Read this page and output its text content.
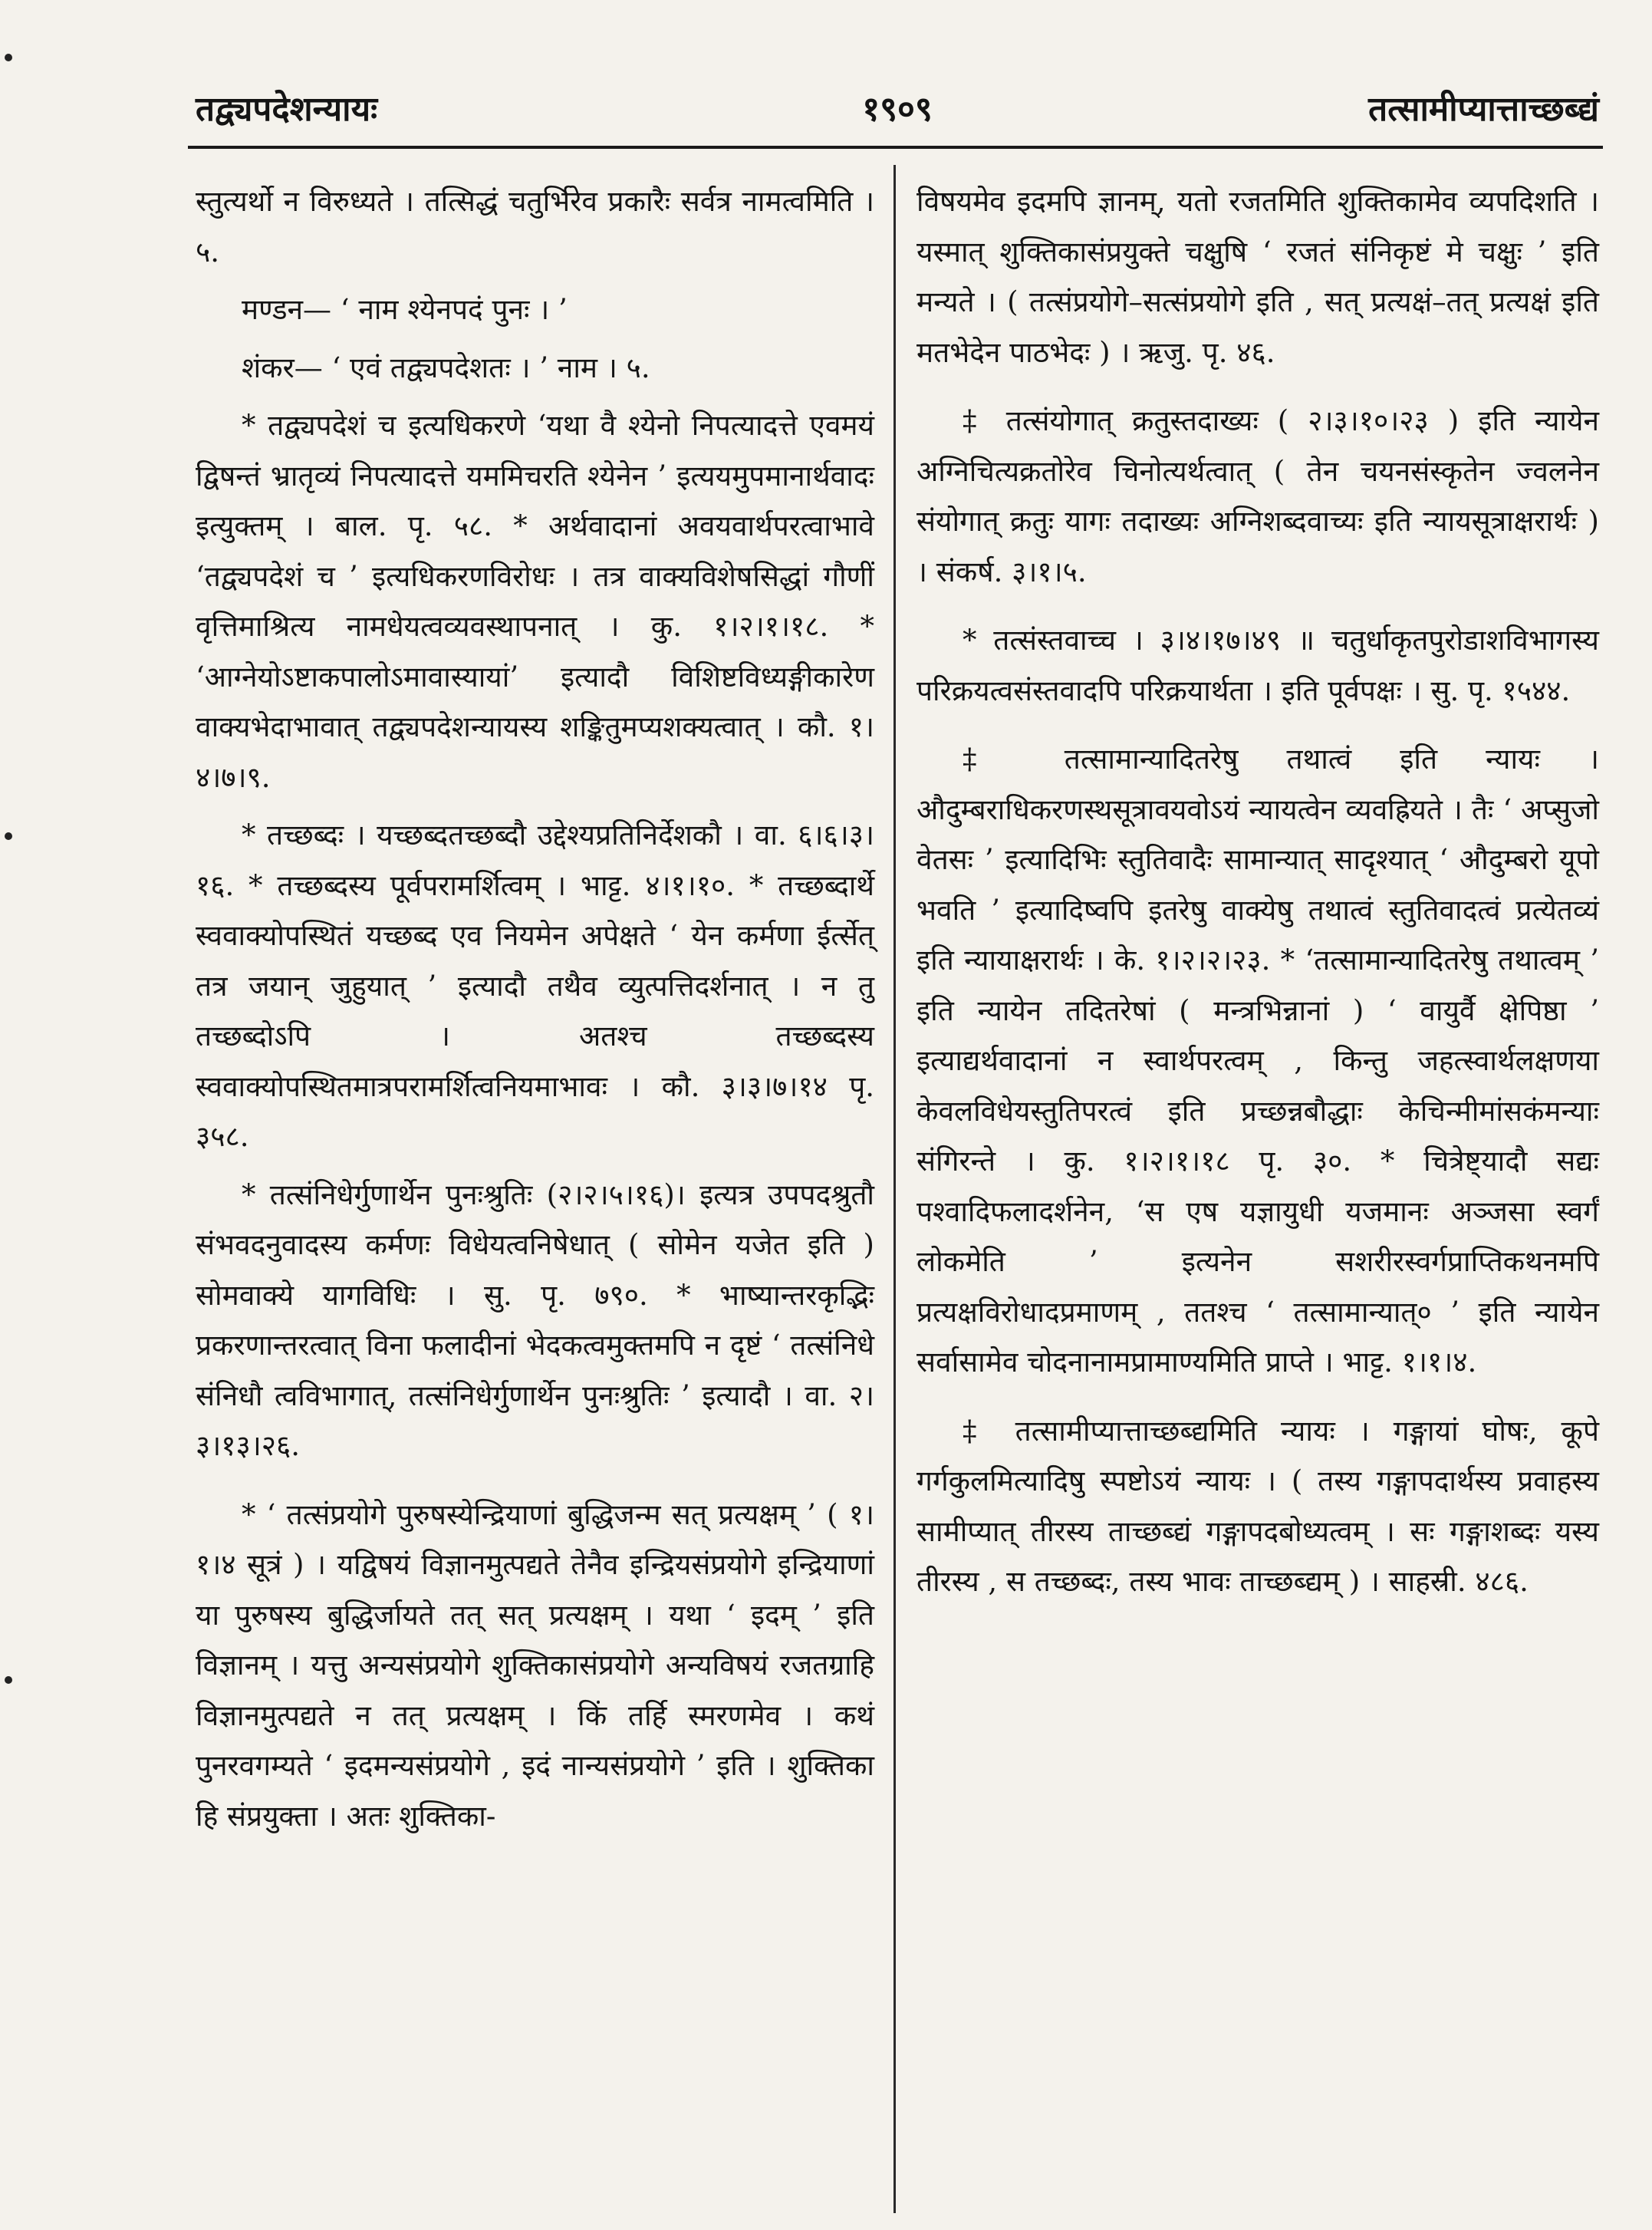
तद्व्यपदेशन्यायः	१९०९	तत्सामीप्यात्ताच्छब्द्यं

स्तुत्यर्थो न विरुध्यते । तत्सिद्धं चतुर्भिरेव प्रकारैः सर्वत्र नामत्वमिति । ५.

मण्डन— ‘ नाम श्येनपदं पुनः । ’

शंकर— ‘ एवं तद्व्यपदेशतः । ’ नाम । ५.

* तद्व्यपदेशं च इत्यधिकरणे ‘यथा वै श्येनो निपत्यादत्ते एवमयं द्विषन्तं भ्रातृव्यं निपत्यादत्ते यममिचरति श्येनेन ’ इत्ययमुपमानार्थवादः इत्युक्तम् । बाल. पृ. ५८. * अर्थवादानां अवयवार्थपरत्वाभावे ‘तद्व्यपदेशं च ’ इत्यधिकरणविरोधः । तत्र वाक्यविशेषसिद्धां गौणीं वृत्तिमाश्रित्य नामधेयत्वव्यवस्थापनात् । कु. १।२।१।१८. * ‘आग्नेयोऽष्टाकपालोऽमावास्यायां’ इत्यादौ विशिष्टविध्यङ्गीकारेण वाक्यभेदाभावात् तद्व्यपदेशन्यायस्य शङ्कितुमप्यशक्यत्वात् । कौ. १।४।७।९.

* तच्छब्दः । यच्छब्दतच्छब्दौ उद्देश्यप्रतिनिर्देशकौ । वा. ६।६।३।१६. * तच्छब्दस्य पूर्वपरामर्शित्वम् । भाट्ट. ४।१।१०. * तच्छब्दार्थे स्ववाक्योपस्थितं यच्छब्द एव नियमेन अपेक्षते ‘ येन कर्मणा ईर्त्सेत् तत्र जयान् जुहुयात् ’ इत्यादौ तथैव व्युत्पत्तिदर्शनात् । न तु तच्छब्दोऽपि । अतश्च तच्छब्दस्य स्ववाक्योपस्थितमात्रपरामर्शित्वनियमाभावः । कौ. ३।३।७।१४ पृ. ३५८.

* तत्संनिधेर्गुणार्थेन पुनःश्रुतिः (२।२।५।१६)। इत्यत्र उपपदश्रुतौ संभवदनुवादस्य कर्मणः विधेयत्वनिषेधात् ( सोमेन यजेत इति ) सोमवाक्ये यागविधिः । सु. पृ. ७९०. * भाष्यान्तरकृद्भिः प्रकरणान्तरत्वात् विना फलादीनां भेदकत्वमुक्तमपि न दृष्टं ‘ तत्संनिधे संनिधौ त्वविभागात्, तत्संनिधेर्गुणार्थेन पुनःश्रुतिः ’ इत्यादौ । वा. २।३।१३।२६.

* ‘ तत्संप्रयोगे पुरुषस्येन्द्रियाणां बुद्धिजन्म सत् प्रत्यक्षम् ’ ( १।१।४ सूत्रं ) । यद्विषयं विज्ञानमुत्पद्यते तेनैव इन्द्रियसंप्रयोगे इन्द्रियाणां या पुरुषस्य बुद्धिर्जायते तत् सत् प्रत्यक्षम् । यथा ‘ इदम् ’ इति विज्ञानम् । यत्तु अन्यसंप्रयोगे शुक्तिकासंप्रयोगे अन्यविषयं रजतग्राहि विज्ञानमुत्पद्यते न तत् प्रत्यक्षम् । किं तर्हि स्मरणमेव । कथं पुनरवगम्यते ‘ इदमन्यसंप्रयोगे , इदं नान्यसंप्रयोगे ’ इति । शुक्तिका हि संप्रयुक्ता । अतः शुक्तिका-

विषयमेव इदमपि ज्ञानम्, यतो रजतमिति शुक्तिकामेव व्यपदिशति । यस्मात् शुक्तिकासंप्रयुक्ते चक्षुषि ‘ रजतं संनिकृष्टं मे चक्षुः ’ इति मन्यते । ( तत्संप्रयोगे–सत्संप्रयोगे इति , सत् प्रत्यक्षं–तत् प्रत्यक्षं इति मतभेदेन पाठभेदः ) । ऋजु. पृ. ४६.

‡ तत्संयोगात् क्रतुस्तदाख्यः ( २।३।१०।२३ ) इति न्यायेन अग्निचित्यक्रतोरेव चिनोत्यर्थत्वात् ( तेन चयनसंस्कृतेन ज्वलनेन संयोगात् क्रतुः यागः तदाख्यः अग्निशब्दवाच्यः इति न्यायसूत्राक्षरार्थः ) । संकर्ष. ३।१।५.

* तत्संस्तवाच्च । ३।४।१७।४९ ॥ चतुर्धाकृतपुरोडाशविभागस्य परिक्रयत्वसंस्तवादपि परिक्रयार्थता । इति पूर्वपक्षः । सु. पृ. १५४४.

‡ तत्सामान्यादितरेषु तथात्वं इति न्यायः । औदुम्बराधिकरणस्थसूत्रावयवोऽयं न्यायत्वेन व्यवह्रियते । तैः ‘ अप्सुजो वेतसः ’ इत्यादिभिः स्तुतिवादैः सामान्यात् सादृश्यात् ‘ औदुम्बरो यूपो भवति ’ इत्यादिष्वपि इतरेषु वाक्येषु तथात्वं स्तुतिवादत्वं प्रत्येतव्यं इति न्यायाक्षरार्थः । के. १।२।२।२३. * ‘तत्सामान्यादितरेषु तथात्वम् ’ इति न्यायेन तदितरेषां ( मन्त्रभिन्नानां ) ‘ वायुर्वै क्षेपिष्ठा ’ इत्याद्यर्थवादानां न स्वार्थपरत्वम् , किन्तु जहत्स्वार्थलक्षणया केवलविधेयस्तुतिपरत्वं इति प्रच्छन्नबौद्धाः केचिन्मीमांसकंमन्याः संगिरन्ते । कु. १।२।१।१८ पृ. ३०. * चित्रेष्ट्यादौ सद्यः पश्वादिफलादर्शनेन, ‘स एष यज्ञायुधी यजमानः अञ्जसा स्वर्गं लोकमेति ’ इत्यनेन सशरीरस्वर्गप्राप्तिकथनमपि प्रत्यक्षविरोधादप्रमाणम् , ततश्च ‘ तत्सामान्यात्० ’ इति न्यायेन सर्वासामेव चोदनानामप्रामाण्यमिति प्राप्ते । भाट्ट. १।१।४.

‡ तत्सामीप्यात्ताच्छब्द्यमिति न्यायः । गङ्गायां घोषः, कूपे गर्गकुलमित्यादिषु स्पष्टोऽयं न्यायः । ( तस्य गङ्गापदार्थस्य प्रवाहस्य सामीप्यात् तीरस्य ताच्छब्द्यं गङ्गापदबोध्यत्वम् । सः गङ्गाशब्दः यस्य तीरस्य , स तच्छब्दः, तस्य भावः ताच्छब्द्यम् ) । साहस्री. ४८६.
